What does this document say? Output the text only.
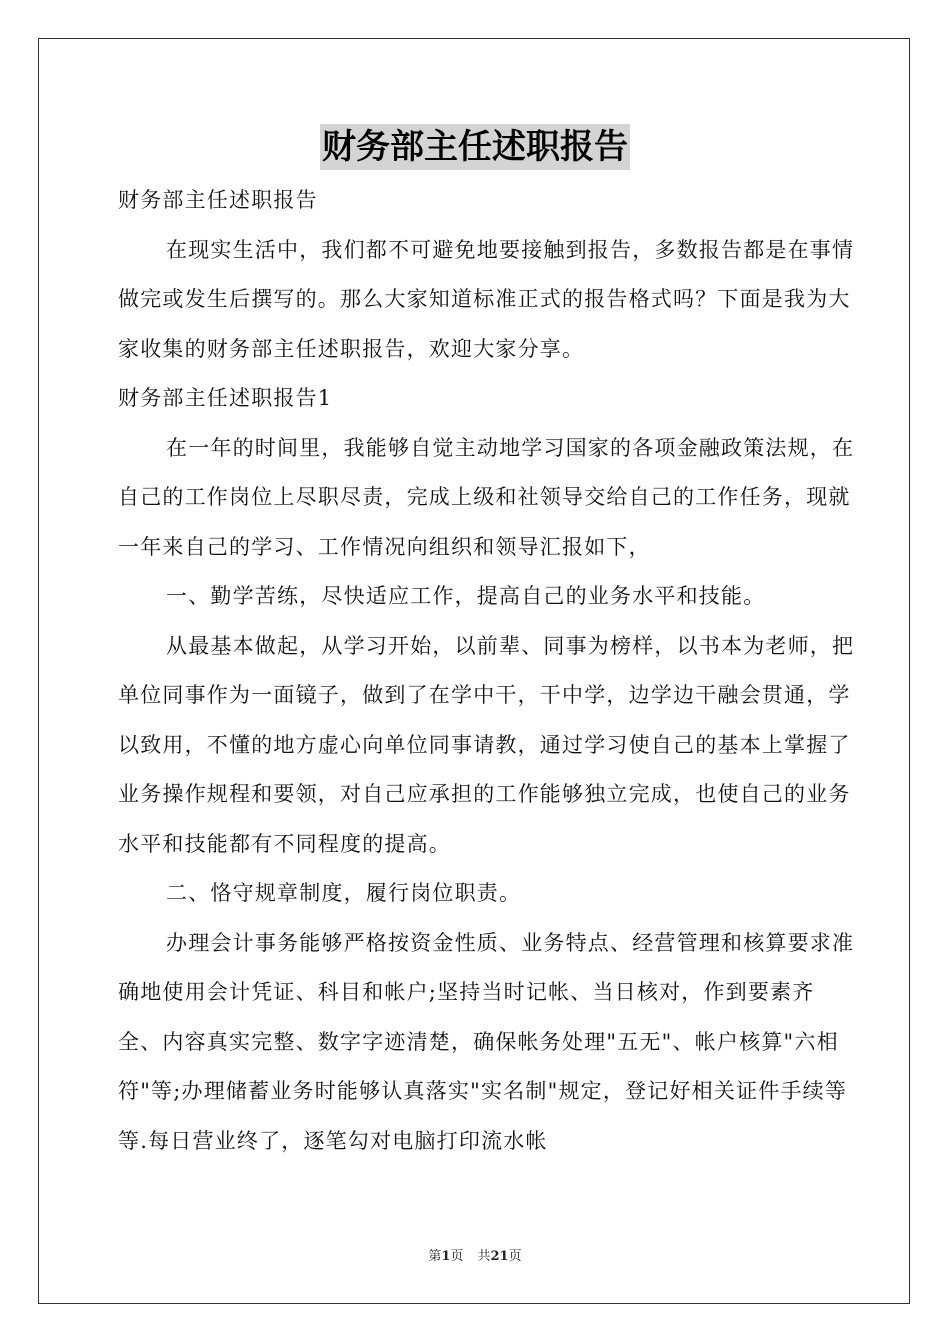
财务部主任述职报告

财务部主任述职报告

在现实生活中，我们都不可避免地要接触到报告，多数报告都是在事情做完或发生后撰写的。那么大家知道标准正式的报告格式吗？下面是我为大家收集的财务部主任述职报告，欢迎大家分享。

财务部主任述职报告1

在一年的时间里，我能够自觉主动地学习国家的各项金融政策法规，在自己的工作岗位上尽职尽责，完成上级和社领导交给自己的工作任务，现就一年来自己的学习、工作情况向组织和领导汇报如下，

一、勤学苦练，尽快适应工作，提高自己的业务水平和技能。

从最基本做起，从学习开始，以前辈、同事为榜样，以书本为老师，把单位同事作为一面镜子，做到了在学中干，干中学，边学边干融会贯通，学以致用，不懂的地方虚心向单位同事请教，通过学习使自己的基本上掌握了业务操作规程和要领，对自己应承担的工作能够独立完成，也使自己的业务水平和技能都有不同程度的提高。

二、恪守规章制度，履行岗位职责。

办理会计事务能够严格按资金性质、业务特点、经营管理和核算要求准确地使用会计凭证、科目和帐户;坚持当时记帐、当日核对，作到要素齐全、内容真实完整、数字字迹清楚，确保帐务处理"五无"、帐户核算"六相符"等;办理储蓄业务时能够认真落实"实名制"规定，登记好相关证件手续等等.每日营业终了，逐笔勾对电脑打印流水帐

第1页 共21页
